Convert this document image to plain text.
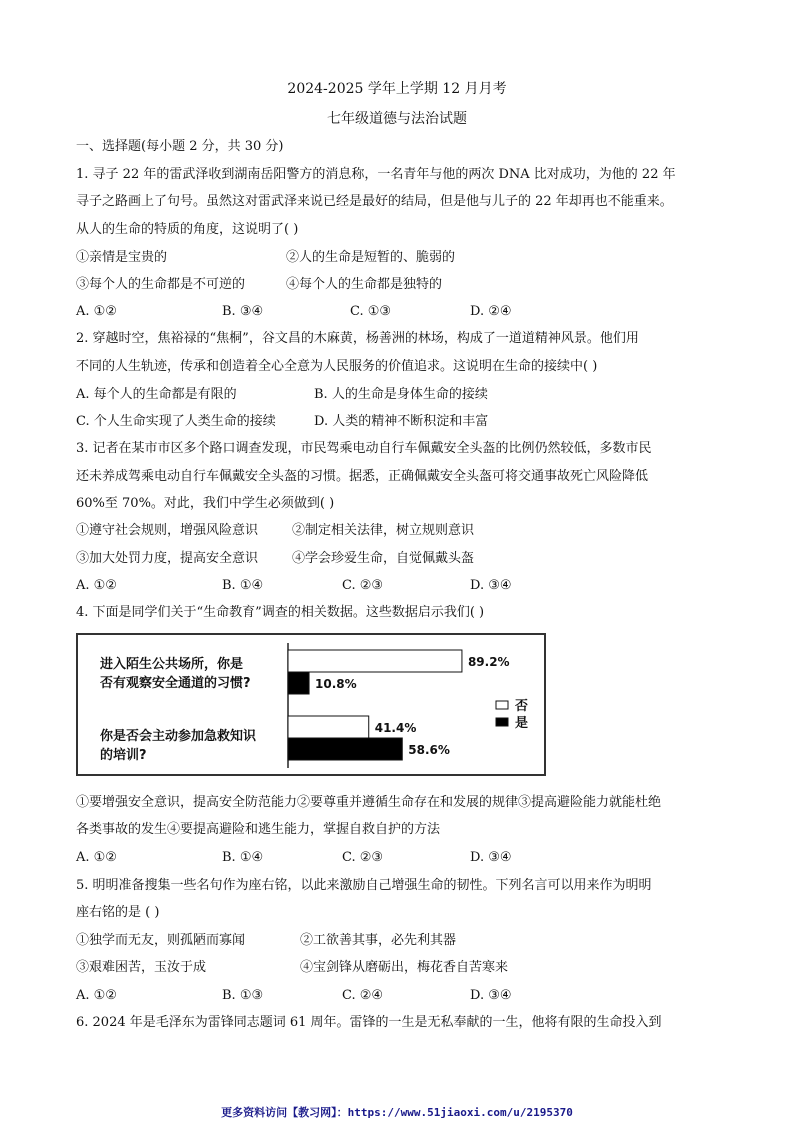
2024-2025 学年上学期 12 月月考
七年级道德与法治试题
一、选择题(每小题 2 分，共 30 分)
1. 寻子 22 年的雷武泽收到湖南岳阳警方的消息称，一名青年与他的两次 DNA 比对成功，为他的 22 年
寻子之路画上了句号。虽然这对雷武泽来说已经是最好的结局，但是他与儿子的 22 年却再也不能重来。
从人的生命的特质的角度，这说明了( )
①亲情是宝贵的	②人的生命是短暂的、脆弱的
③每个人的生命都是不可逆的	④每个人的生命都是独特的
A. ①②	B. ③④	C. ①③	D. ②④
2. 穿越时空，焦裕禄的“焦桐”，谷文昌的木麻黄，杨善洲的林场，构成了一道道精神风景。他们用
不同的人生轨迹，传承和创造着全心全意为人民服务的价值追求。这说明在生命的接续中( )
A. 每个人的生命都是有限的	B. 人的生命是身体生命的接续
C. 个人生命实现了人类生命的接续	D. 人类的精神不断积淀和丰富
3. 记者在某市市区多个路口调查发现，市民驾乘电动自行车佩戴安全头盔的比例仍然较低，多数市民
还未养成驾乘电动自行车佩戴安全头盔的习惯。据悉，正确佩戴安全头盔可将交通事故死亡风险降低
60%至 70%。对此，我们中学生必须做到( )
①遵守社会规则，增强风险意识	②制定相关法律，树立规则意识
③加大处罚力度，提高安全意识	④学会珍爱生命，自觉佩戴头盔
A. ①②	B. ①④	C. ②③	D. ③④
4. 下面是同学们关于“生命教育”调查的相关数据。这些数据启示我们( )
进入陌生公共场所，你是
否有观察安全通道的习惯?
你是否会主动参加急救知识
的培训?
89.2%
10.8%
41.4%
58.6%
否
是
①要增强安全意识，提高安全防范能力②要尊重并遵循生命存在和发展的规律③提高避险能力就能杜绝
各类事故的发生④要提高避险和逃生能力，掌握自救自护的方法
A. ①②	B. ①④	C. ②③	D. ③④
5. 明明准备搜集一些名句作为座右铭，以此来激励自己增强生命的韧性。下列名言可以用来作为明明
座右铭的是 ( )
①独学而无友，则孤陋而寡闻	②工欲善其事，必先利其器
③艰难困苦，玉汝于成	④宝剑锋从磨砺出，梅花香自苦寒来
A. ①②	B. ①③	C. ②④	D. ③④
6. 2024 年是毛泽东为雷锋同志题词 61 周年。雷锋的一生是无私奉献的一生，他将有限的生命投入到
更多资料访问【教习网】：https://www.51jiaoxi.com/u/2195370
